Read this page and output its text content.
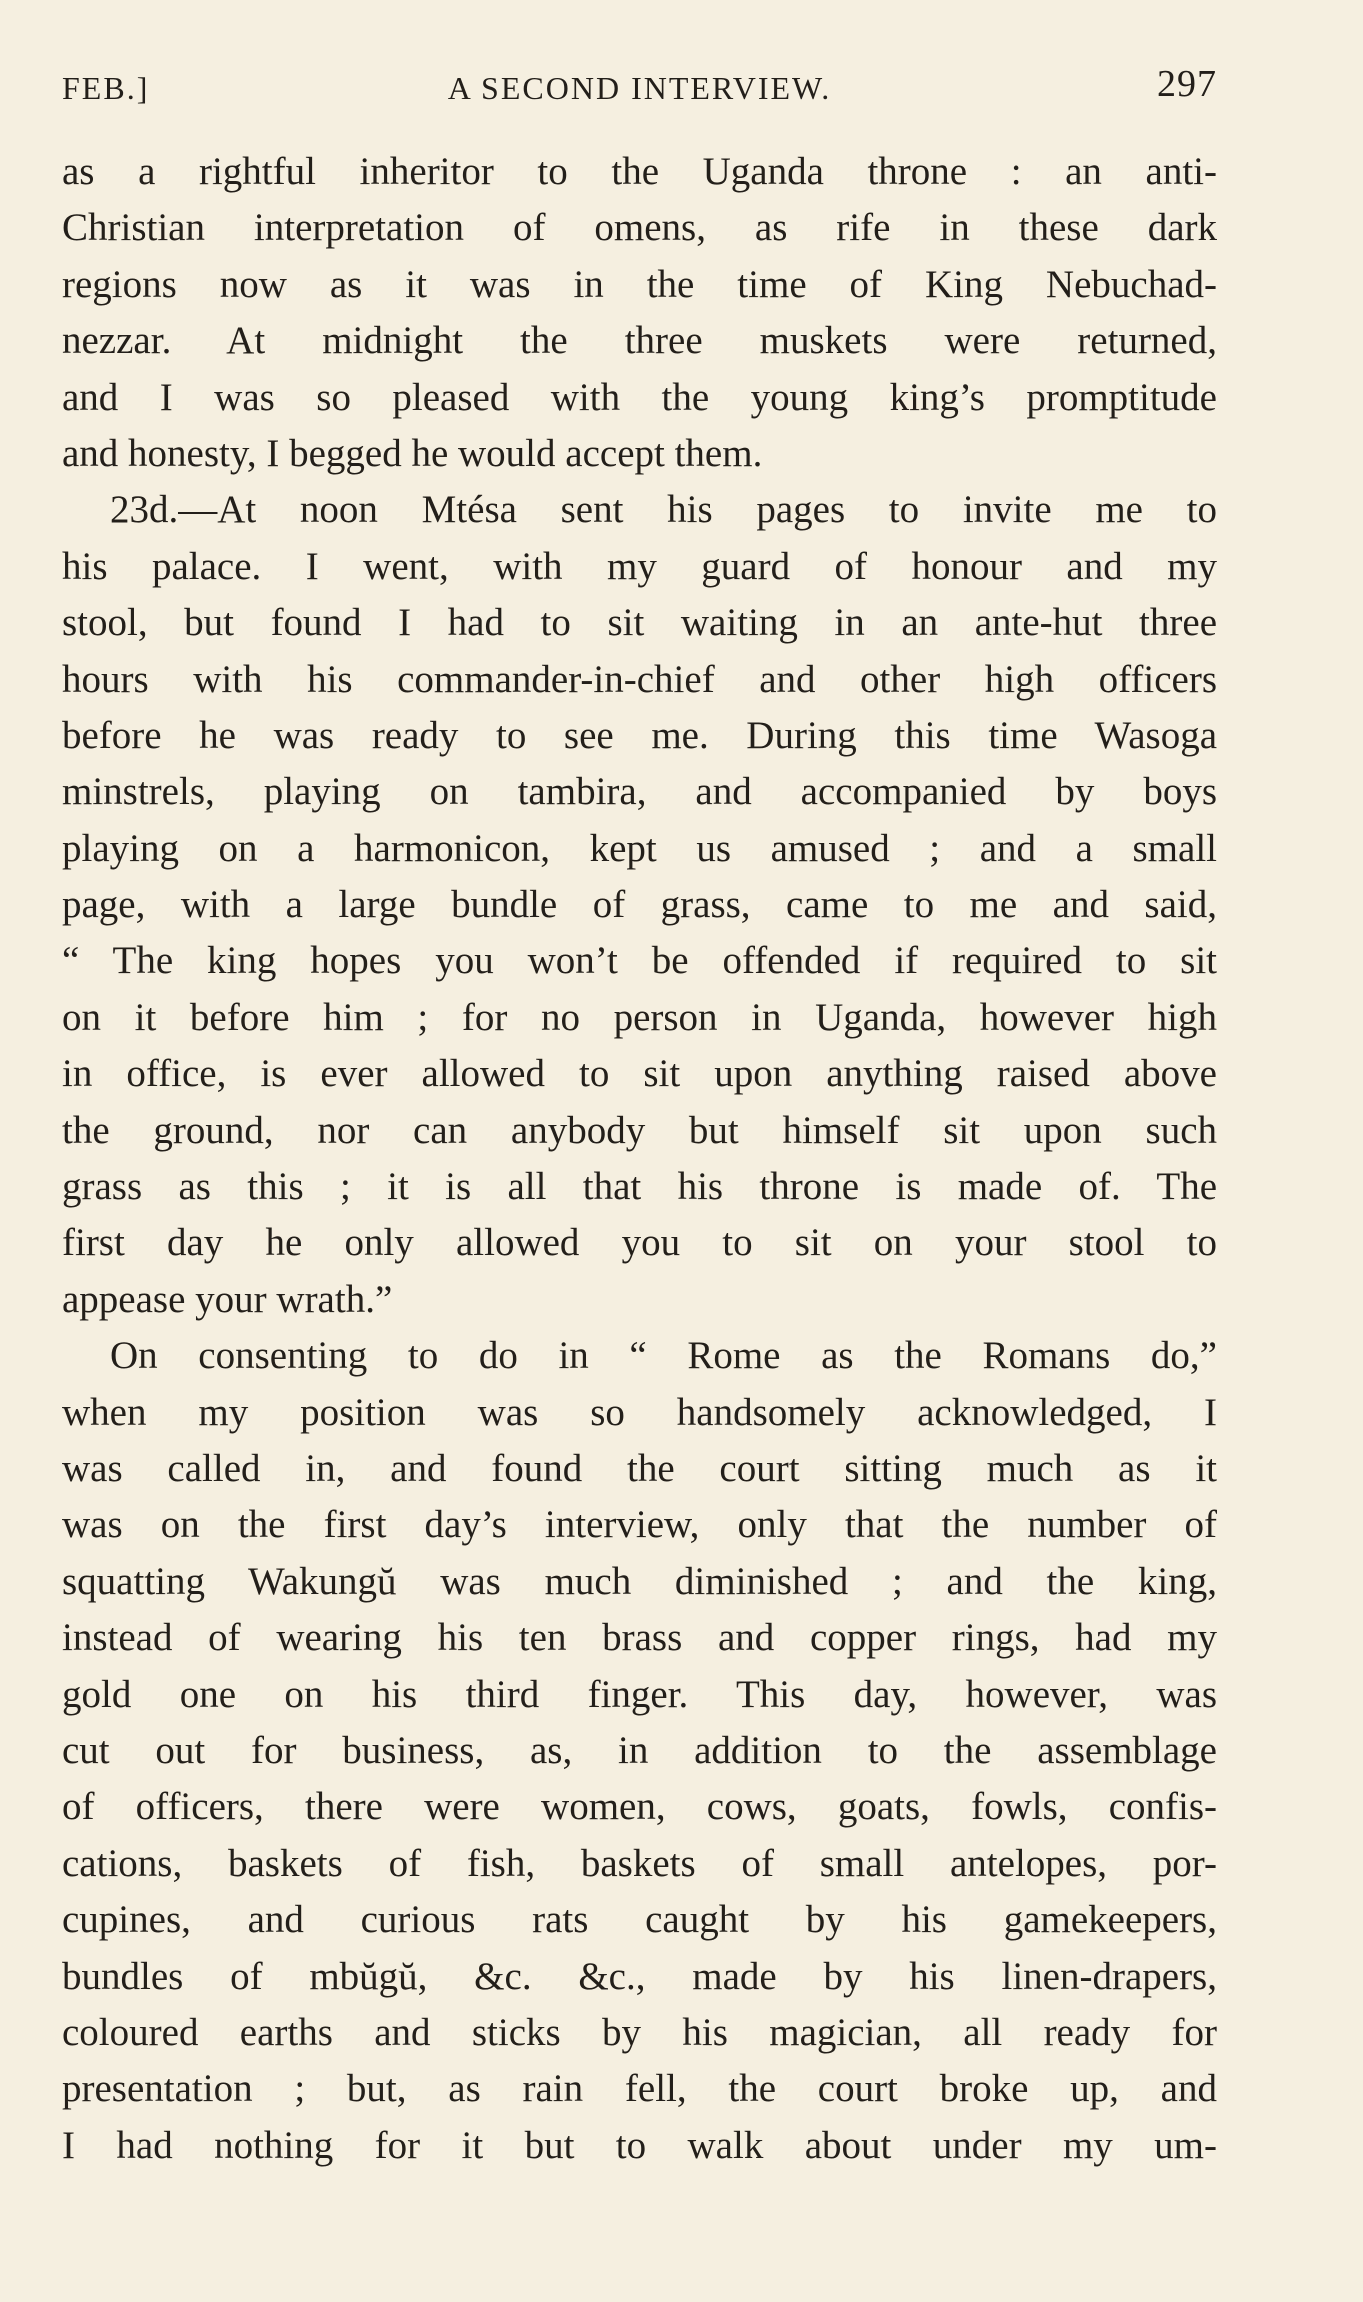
FEB.]	A SECOND INTERVIEW.	297
as a rightful inheritor to the Uganda throne : an anti-
Christian interpretation of omens, as rife in these dark
regions now as it was in the time of King Nebuchad-
nezzar. At midnight the three muskets were returned,
and I was so pleased with the young king’s promptitude
and honesty, I begged he would accept them.
23d.—At noon Mtésa sent his pages to invite me to
his palace. I went, with my guard of honour and my
stool, but found I had to sit waiting in an ante-hut three
hours with his commander-in-chief and other high officers
before he was ready to see me. During this time Wasoga
minstrels, playing on tambira, and accompanied by boys
playing on a harmonicon, kept us amused ; and a small
page, with a large bundle of grass, came to me and said,
“ The king hopes you won’t be offended if required to sit
on it before him ; for no person in Uganda, however high
in office, is ever allowed to sit upon anything raised above
the ground, nor can anybody but himself sit upon such
grass as this ; it is all that his throne is made of. The
first day he only allowed you to sit on your stool to
appease your wrath.”
On consenting to do in “ Rome as the Romans do,”
when my position was so handsomely acknowledged, I
was called in, and found the court sitting much as it
was on the first day’s interview, only that the number of
squatting Wakungŭ was much diminished ; and the king,
instead of wearing his ten brass and copper rings, had my
gold one on his third finger. This day, however, was
cut out for business, as, in addition to the assemblage
of officers, there were women, cows, goats, fowls, confis-
cations, baskets of fish, baskets of small antelopes, por-
cupines, and curious rats caught by his gamekeepers,
bundles of mbŭgŭ, &c. &c., made by his linen-drapers,
coloured earths and sticks by his magician, all ready for
presentation ; but, as rain fell, the court broke up, and
I had nothing for it but to walk about under my um-
